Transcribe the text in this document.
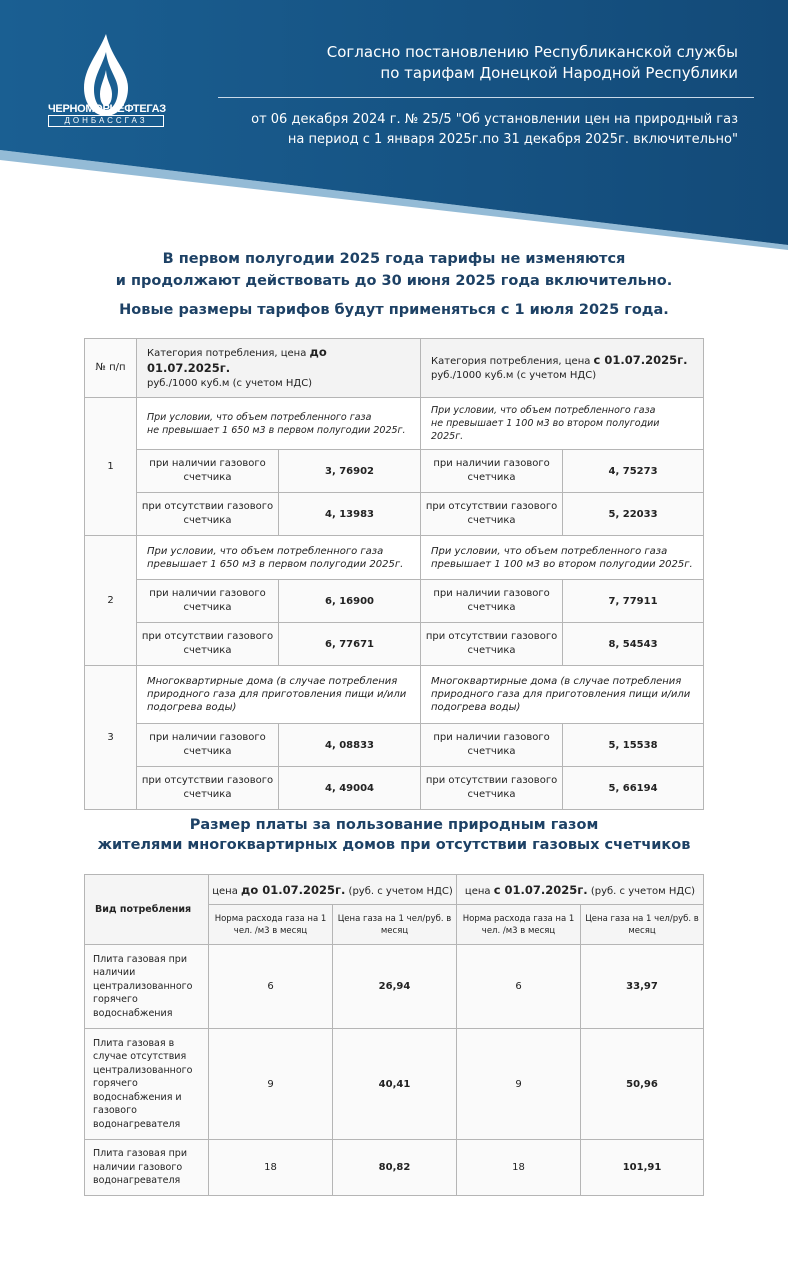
ЧЕРНОМОРНЕФТЕГАЗ
ДОНБАССГАЗ
Согласно постановлению Республиканской службы
по тарифам Донецкой Народной Республики
от 06 декабря 2024 г. № 25/5 "Об установлении цен на природный газ
на период с 1 января 2025г.по 31 декабря 2025г. включительно"
В первом полугодии 2025 года тарифы не изменяются
и продолжают действовать до 30 июня 2025 года включительно.
Новые размеры тарифов будут применяться с 1 июля 2025 года.
№ п/п	Категория потребления, цена до 01.07.2025г.
руб./1000 куб.м (с учетом НДС)		Категория потребления, цена с 01.07.2025г.
руб./1000 куб.м (с учетом НДС)	
1	При условии, что объем потребленного газа
не превышает 1 650 м3 в первом полугодии 2025г.		При условии, что объем потребленного газа
не превышает 1 100 м3 во втором полугодии 2025г.	
	при наличии газового счетчика	3, 76902	при наличии газового счетчика	4, 75273
	при отсутствии газового счетчика	4, 13983	при отсутствии газового счетчика	5, 22033
2	При условии, что объем потребленного газа
превышает 1 650 м3 в первом полугодии 2025г.		При условии, что объем потребленного газа
превышает 1 100 м3 во втором полугодии 2025г.	
	при наличии газового счетчика	6, 16900	при наличии газового счетчика	7, 77911
	при отсутствии газового счетчика	6, 77671	при отсутствии газового счетчика	8, 54543
3	Многоквартирные дома (в случае потребления
природного газа для приготовления пищи и/или подогрева воды)		Многоквартирные дома (в случае потребления
природного газа для приготовления пищи и/или подогрева воды)	
	при наличии газового счетчика	4, 08833	при наличии газового счетчика	5, 15538
	при отсутствии газового счетчика	4, 49004	при отсутствии газового счетчика	5, 66194
Размер платы за пользование природным газом
жителями многоквартирных домов при отсутствии газовых счетчиков
Вид потребления	цена до 01.07.2025г. (руб. с учетом НДС)		цена с 01.07.2025г. (руб. с учетом НДС)	
	Норма расхода газа на 1 чел. /м3 в месяц	Цена газа на 1 чел/руб. в месяц	Норма расхода газа на 1 чел. /м3 в месяц	Цена газа на 1 чел/руб. в месяц
Плита газовая при наличии централизованного горячего водоснабжения	6	26,94	6	33,97
Плита газовая в случае отсутствия централизованного горячего водоснабжения и газового водонагревателя	9	40,41	9	50,96
Плита газовая при наличии газового водонагревателя	18	80,82	18	101,91
